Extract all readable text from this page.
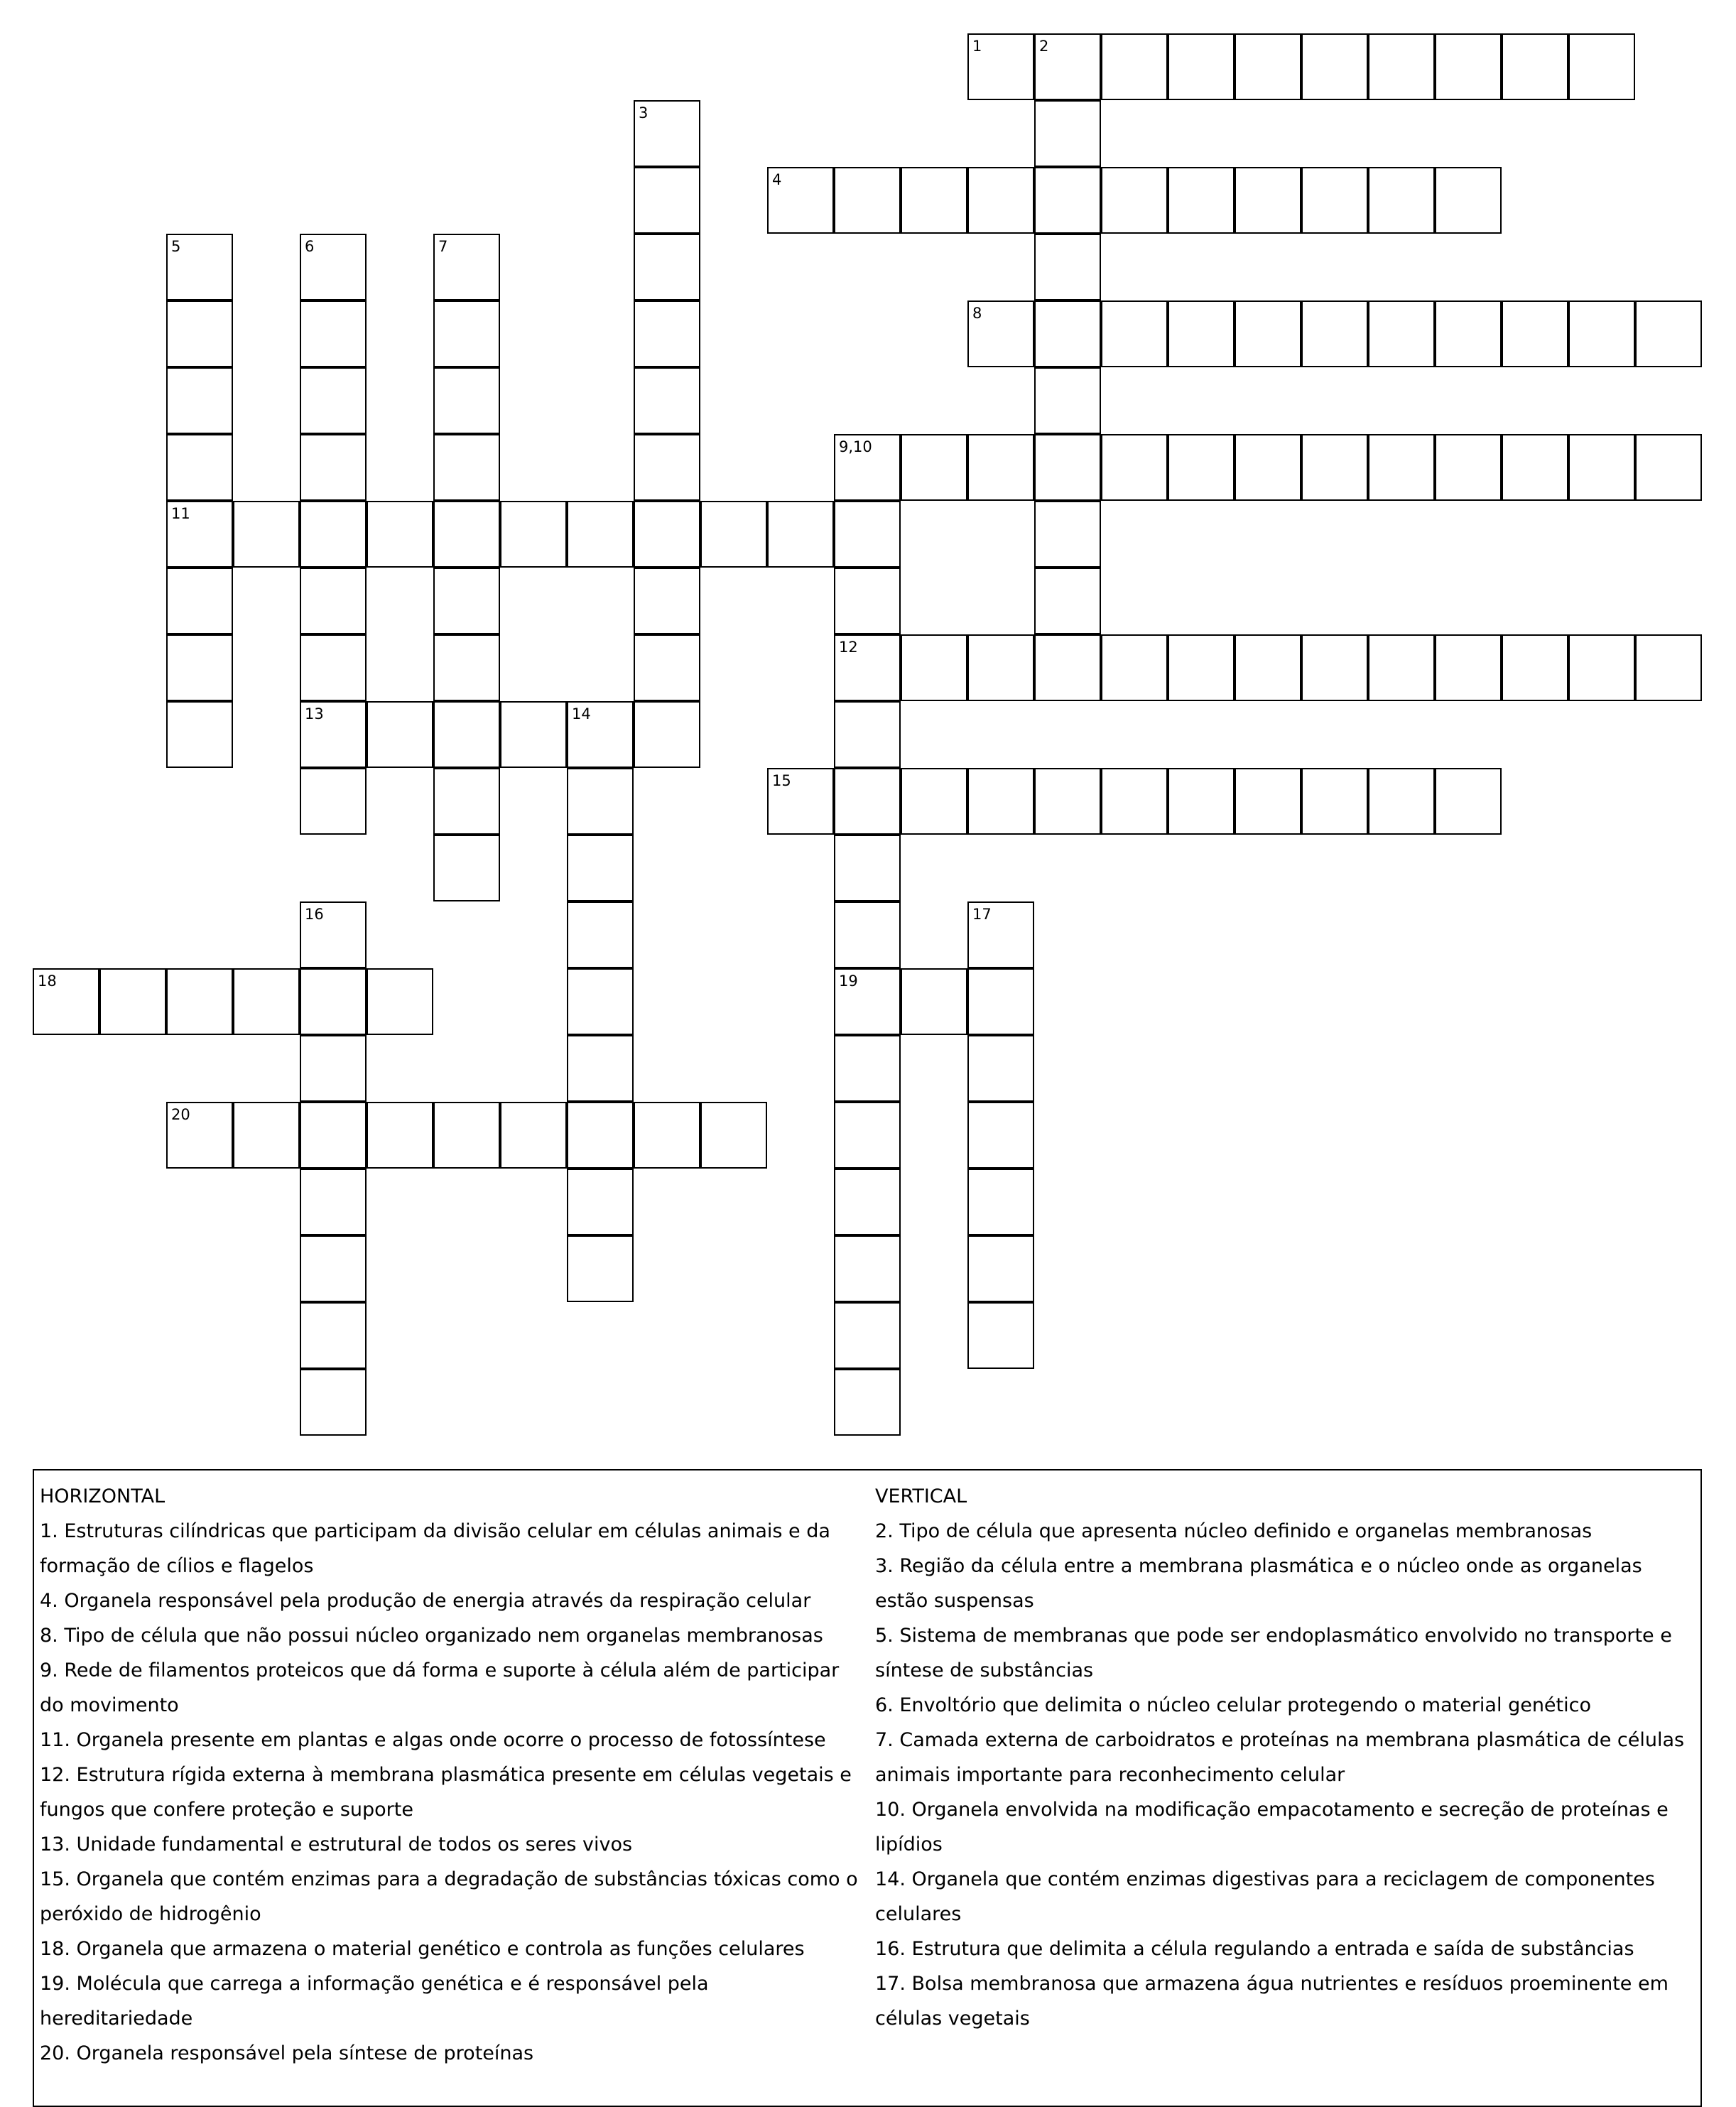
1	2
3
4
5
11
6
13
7
8
9,10
12
19
14
15
16	17
18
20

HORIZONTAL

1. Estruturas cilíndricas que participam da divisão celular em células animais e da formação de cílios e flagelos

4. Organela responsável pela produção de energia através da respiração celular

8. Tipo de célula que não possui núcleo organizado nem organelas membranosas

9. Rede de filamentos proteicos que dá forma e suporte à célula além de participar do movimento

11. Organela presente em plantas e algas onde ocorre o processo de fotossíntese

12. Estrutura rígida externa à membrana plasmática presente em células vegetais e fungos que confere proteção e suporte

13. Unidade fundamental e estrutural de todos os seres vivos

15. Organela que contém enzimas para a degradação de substâncias tóxicas como o peróxido de hidrogênio

18. Organela que armazena o material genético e controla as funções celulares

19. Molécula que carrega a informação genética e é responsável pela hereditariedade

20. Organela responsável pela síntese de proteínas

VERTICAL

2. Tipo de célula que apresenta núcleo definido e organelas membranosas

3. Região da célula entre a membrana plasmática e o núcleo onde as organelas estão suspensas

5. Sistema de membranas que pode ser endoplasmático envolvido no transporte e síntese de substâncias

6. Envoltório que delimita o núcleo celular protegendo o material genético

7. Camada externa de carboidratos e proteínas na membrana plasmática de células animais importante para reconhecimento celular

10. Organela envolvida na modificação empacotamento e secreção de proteínas e lipídios

14. Organela que contém enzimas digestivas para a reciclagem de componentes celulares

16. Estrutura que delimita a célula regulando a entrada e saída de substâncias

17. Bolsa membranosa que armazena água nutrientes e resíduos proeminente em células vegetais
